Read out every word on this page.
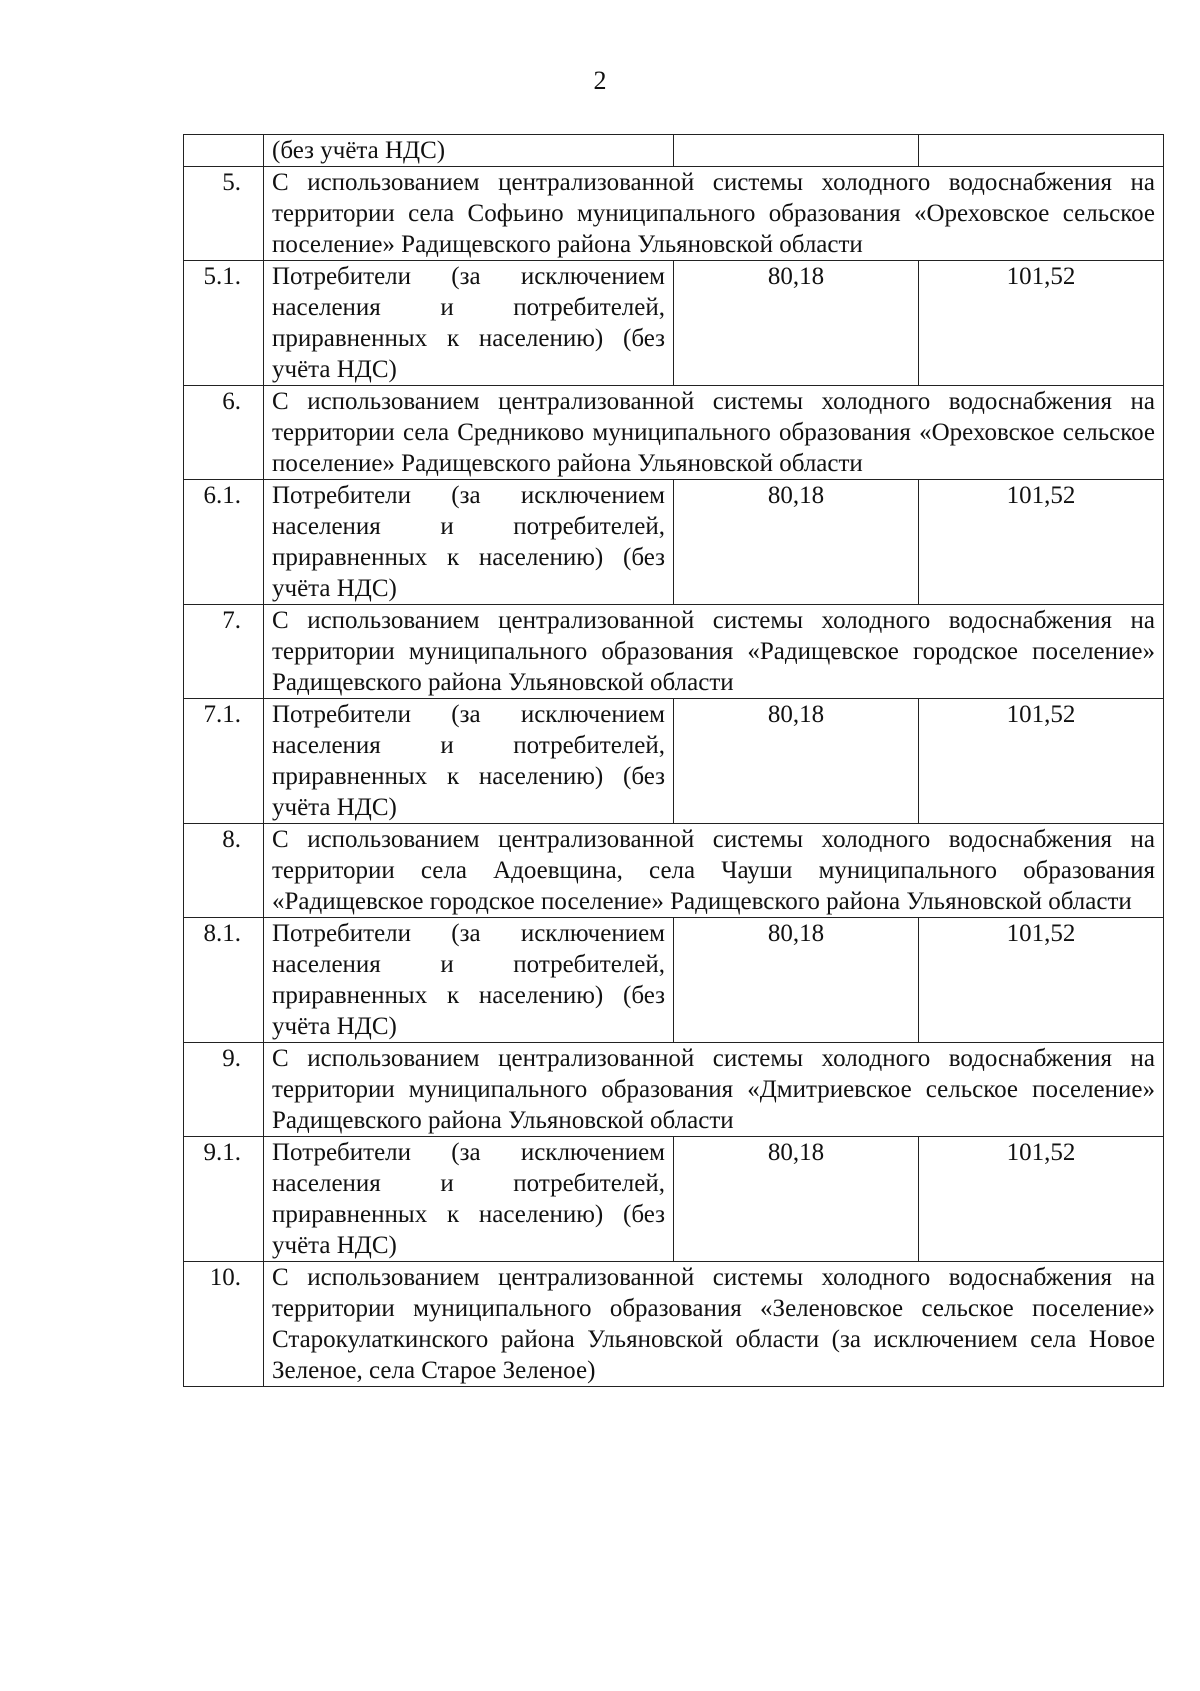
2
	(без учёта НДС)		
5.	С использованием централизованной системы холодного водоснабжения на территории села Софьино муниципального образования «Ореховское сельское поселение» Радищевского района Ульяновской области		
5.1.	Потребители (за исключением населения и потребителей, приравненных к населению) (без учёта НДС)	80,18	101,52
6.	С использованием централизованной системы холодного водоснабжения на территории села Средниково муниципального образования «Ореховское сельское поселение» Радищевского района Ульяновской области		
6.1.	Потребители (за исключением населения и потребителей, приравненных к населению) (без учёта НДС)	80,18	101,52
7.	С использованием централизованной системы холодного водоснабжения на территории муниципального образования «Радищевское городское поселение» Радищевского района Ульяновской области		
7.1.	Потребители (за исключением населения и потребителей, приравненных к населению) (без учёта НДС)	80,18	101,52
8.	С использованием централизованной системы холодного водоснабжения на территории села Адоевщина, села Чауши муниципального образования «Радищевское городское поселение» Радищевского района Ульяновской области		
8.1.	Потребители (за исключением населения и потребителей, приравненных к населению) (без учёта НДС)	80,18	101,52
9.	С использованием централизованной системы холодного водоснабжения на территории муниципального образования «Дмитриевское сельское поселение» Радищевского района Ульяновской области		
9.1.	Потребители (за исключением населения и потребителей, приравненных к населению) (без учёта НДС)	80,18	101,52
10.	С использованием централизованной системы холодного водоснабжения на территории муниципального образования «Зеленовское сельское поселение» Старокулаткинского района Ульяновской области (за исключением села Новое Зеленое, села Старое Зеленое)		
